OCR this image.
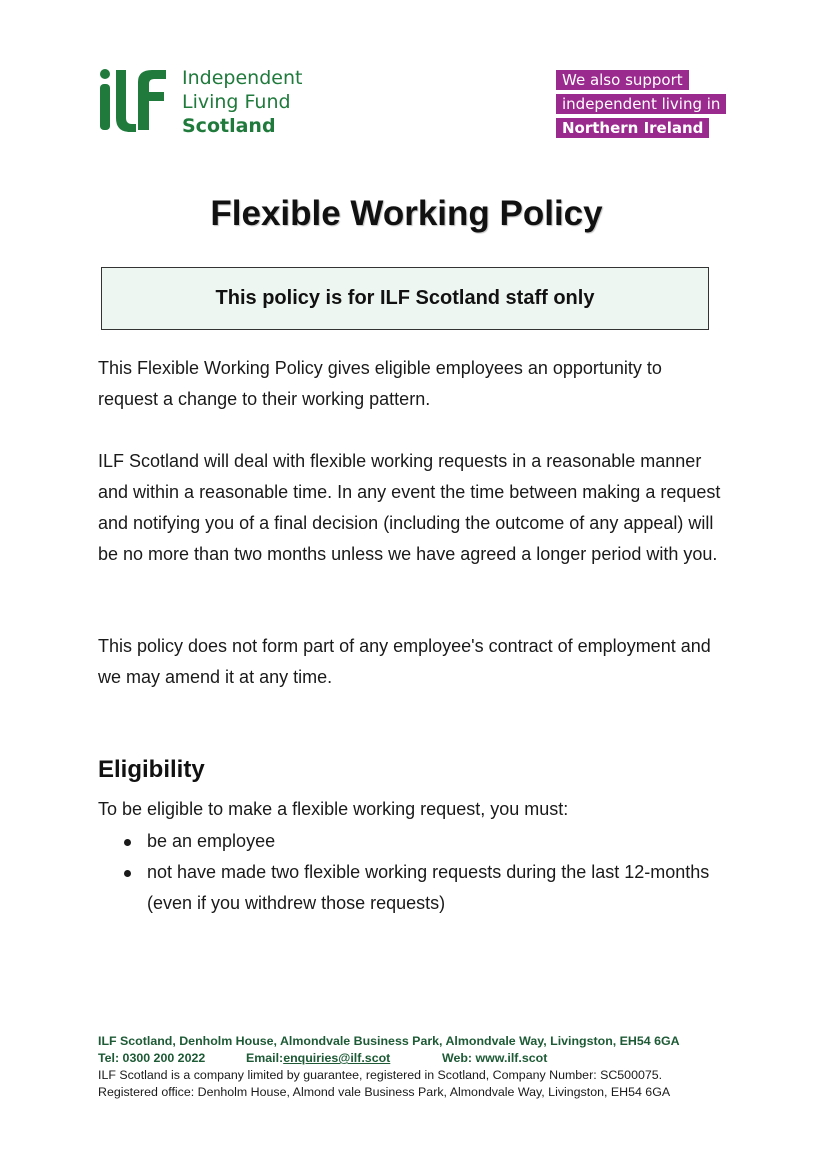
Independent
Living Fund
Scotland
We also support
independent living in
Northern Ireland
Flexible Working Policy
This policy is for ILF Scotland staff only

This Flexible Working Policy gives eligible employees an opportunity to request a change to their working pattern.

ILF Scotland will deal with flexible working requests in a reasonable manner and within a reasonable time. In any event the time between making a request and notifying you of a final decision (including the outcome of any appeal) will be no more than two months unless we have agreed a longer period with you.

This policy does not form part of any employee's contract of employment and we may amend it at any time.

Eligibility

To be eligible to make a flexible working request, you must:

be an employee
not have made two flexible working requests during the last 12-months (even if you withdrew those requests)
ILF Scotland, Denholm House, Almondvale Business Park, Almondvale Way, Livingston, EH54 6GA
Tel: 0300 200 2022	Email:enquiries@ilf.scot	Web: www.ilf.scot
ILF Scotland is a company limited by guarantee, registered in Scotland, Company Number: SC500075.
Registered office: Denholm House, Almond vale Business Park, Almondvale Way, Livingston, EH54 6GA
